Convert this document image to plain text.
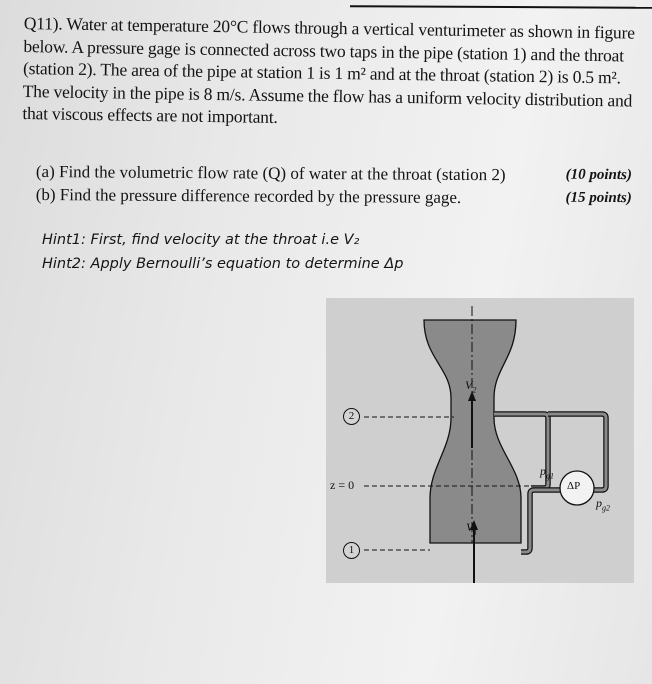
Q11). Water at temperature 20°C flows through a vertical venturimeter as shown in figure below. A pressure gage is connected across two taps in the pipe (station 1) and the throat (station 2). The area of the pipe at station 1 is 1 m² and at the throat (station 2) is 0.5 m². The velocity in the pipe is 8 m/s. Assume the flow has a uniform velocity distribution and that viscous effects are not important.

(a) Find the volumetric flow rate (Q) of water at the throat (station 2)	(10 points)
(b) Find the pressure difference recorded by the pressure gage.	(15 points)
Hint1: First, find velocity at the throat i.e V₂
Hint2: Apply Bernoulli’s equation to determine Δp
2
1
z = 0
$V_2$
$V_1$
$p_{g1}$
$p_{g2}$
ΔP
